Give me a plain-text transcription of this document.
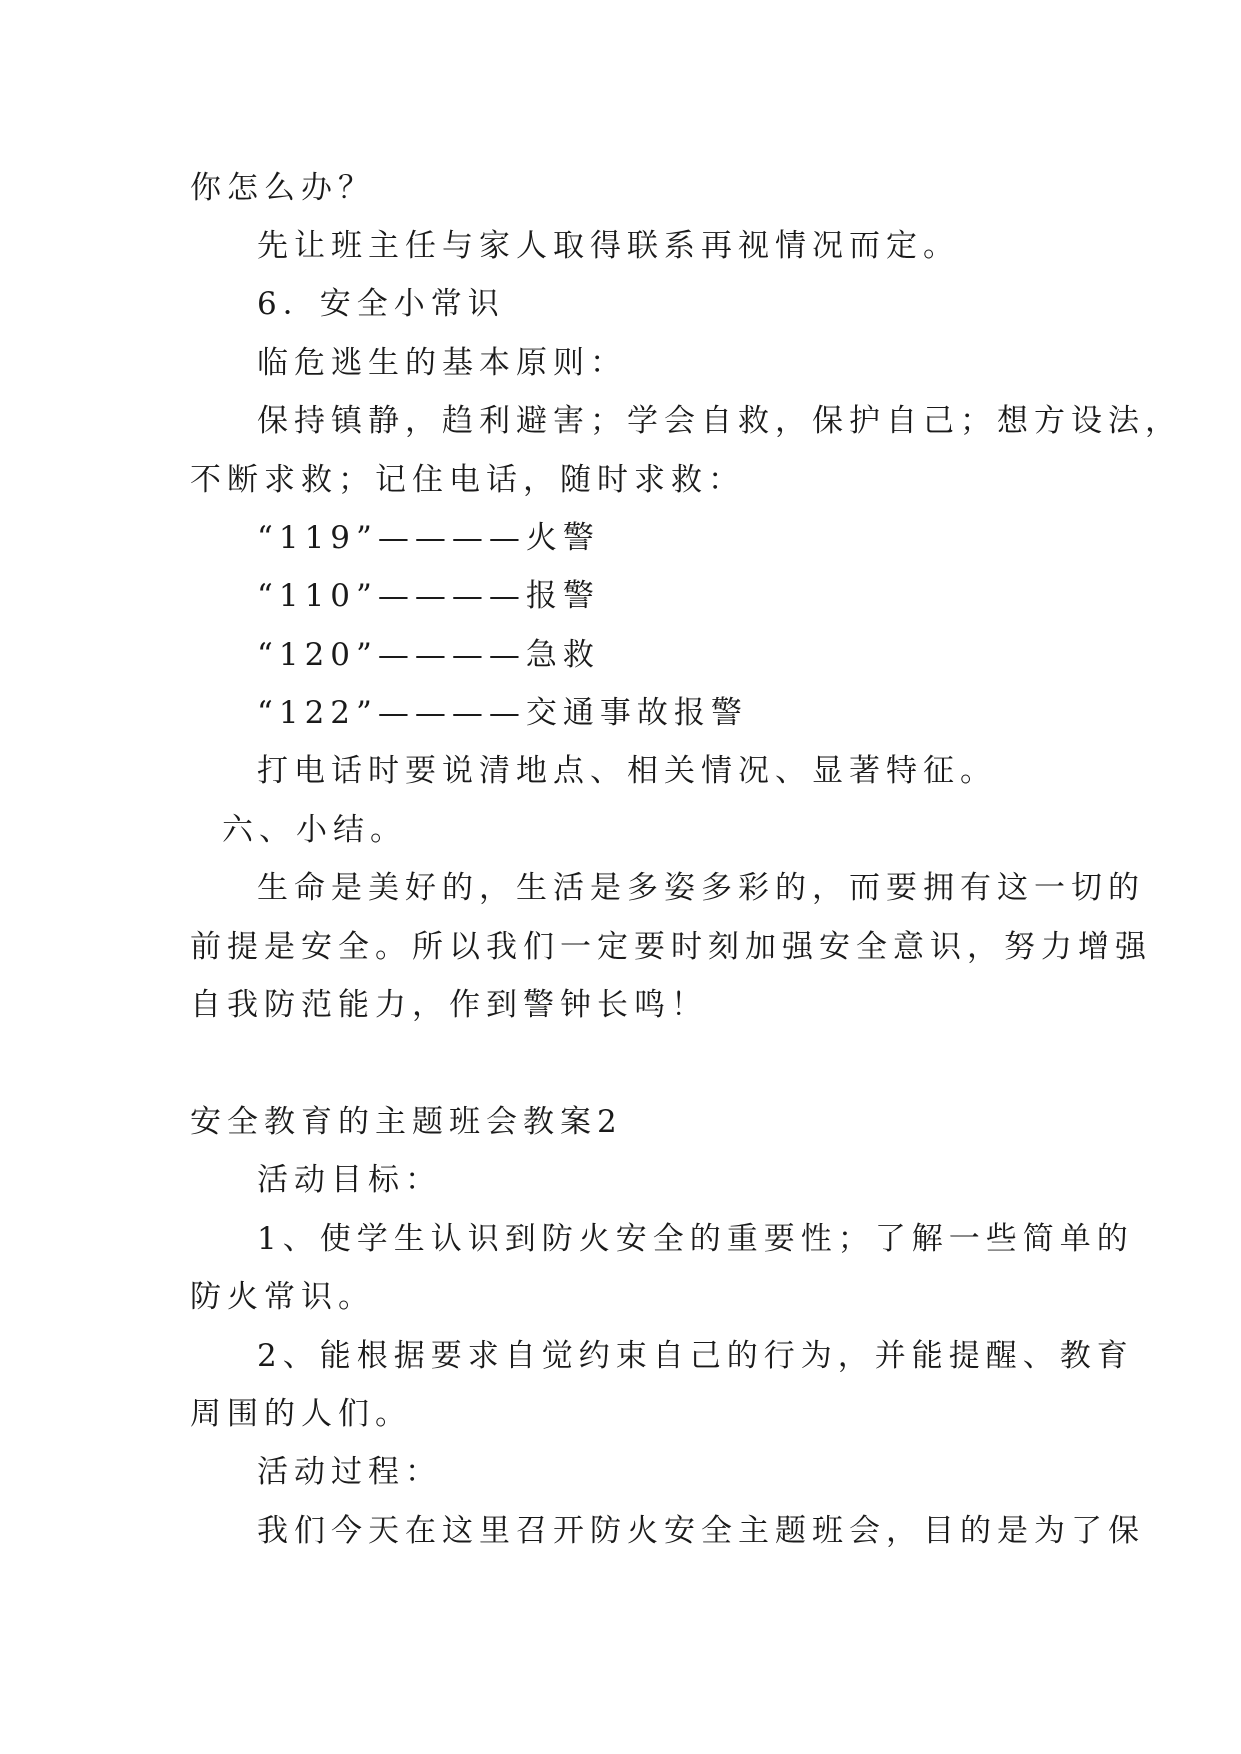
你怎么办？
先让班主任与家人取得联系再视情况而定。
6．安全小常识
临危逃生的基本原则：
保持镇静，趋利避害；学会自救，保护自己；想方设法，
不断求救；记住电话，随时求救：
“119”————火警
“110”————报警
“120”————急救
“122”————交通事故报警
打电话时要说清地点、相关情况、显著特征。
六、小结。
生命是美好的，生活是多姿多彩的，而要拥有这一切的
前提是安全。所以我们一定要时刻加强安全意识，努力增强
自我防范能力，作到警钟长鸣！
安全教育的主题班会教案2
活动目标：
1、使学生认识到防火安全的重要性；了解一些简单的
防火常识。
2、能根据要求自觉约束自己的行为，并能提醒、教育
周围的人们。
活动过程：
我们今天在这里召开防火安全主题班会，目的是为了保
